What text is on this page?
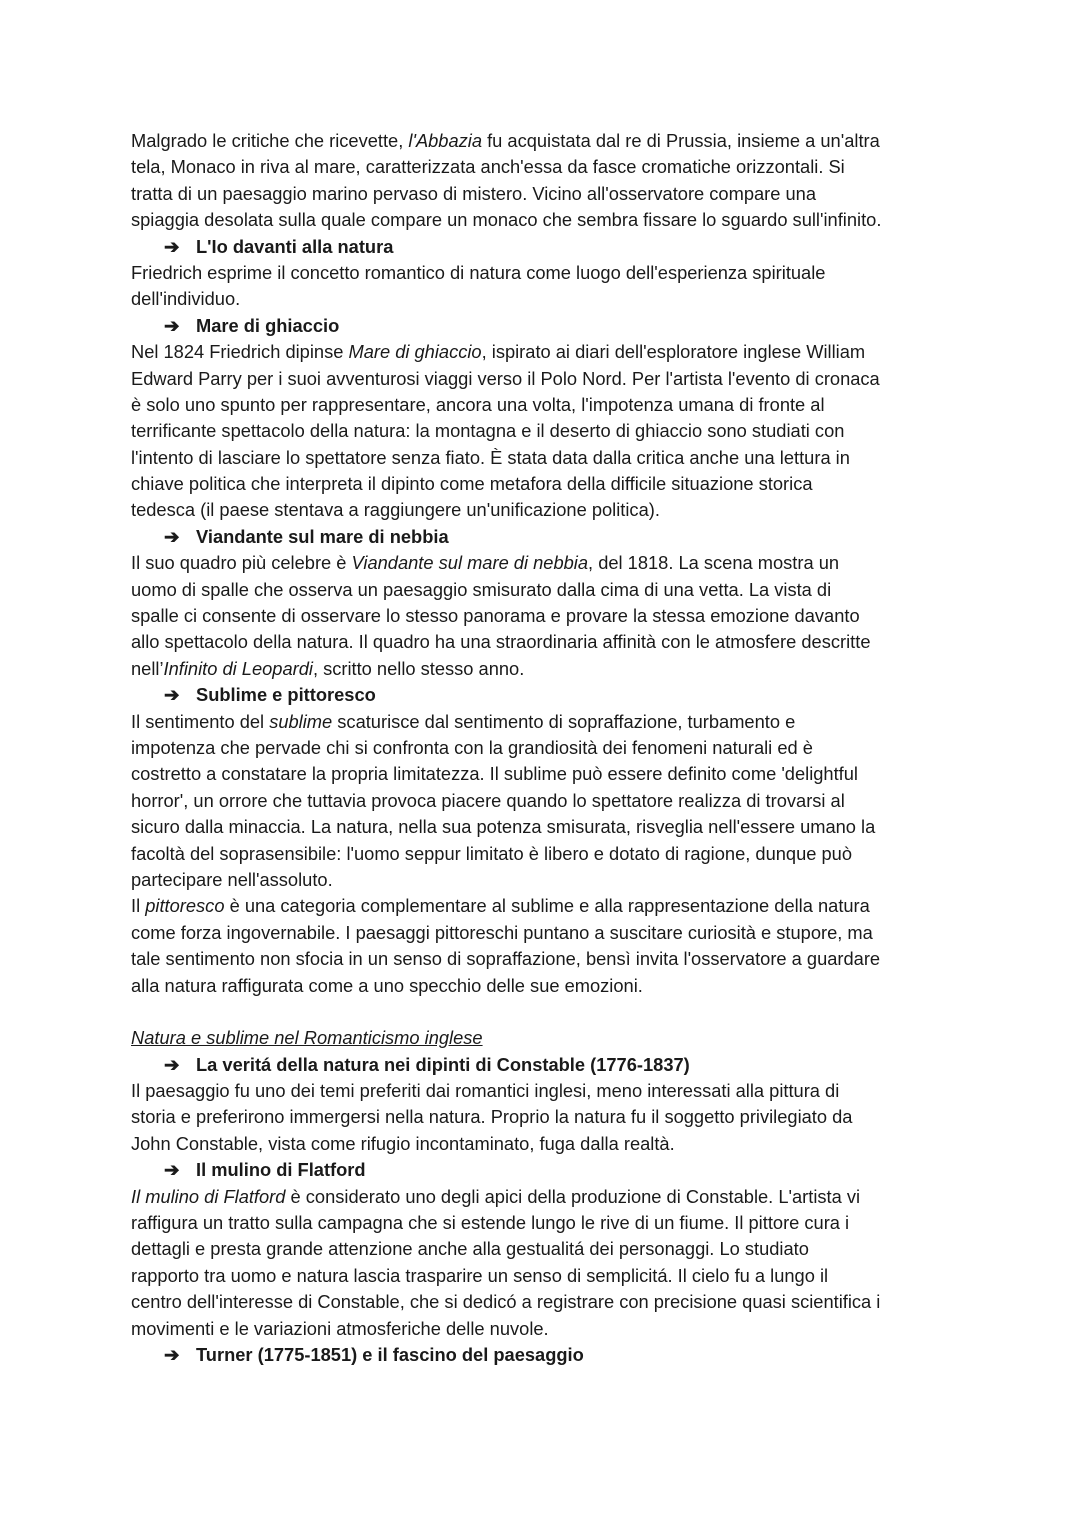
Malgrado le critiche che ricevette, l'Abbazia fu acquistata dal re di Prussia, insieme a un'altra
tela, Monaco in riva al mare, caratterizzata anch'essa da fasce cromatiche orizzontali. Si
tratta di un paesaggio marino pervaso di mistero. Vicino all'osservatore compare una
spiaggia desolata sulla quale compare un monaco che sembra fissare lo sguardo sull'infinito.
➔ L'Io davanti alla natura
Friedrich esprime il concetto romantico di natura come luogo dell'esperienza spirituale
dell'individuo.
➔ Mare di ghiaccio
Nel 1824 Friedrich dipinse Mare di ghiaccio, ispirato ai diari dell'esploratore inglese William
Edward Parry per i suoi avventurosi viaggi verso il Polo Nord. Per l'artista l'evento di cronaca
è solo uno spunto per rappresentare, ancora una volta, l'impotenza umana di fronte al
terrificante spettacolo della natura: la montagna e il deserto di ghiaccio sono studiati con
l'intento di lasciare lo spettatore senza fiato. È stata data dalla critica anche una lettura in
chiave politica che interpreta il dipinto come metafora della difficile situazione storica
tedesca (il paese stentava a raggiungere un'unificazione politica).
➔ Viandante sul mare di nebbia
Il suo quadro più celebre è Viandante sul mare di nebbia, del 1818. La scena mostra un
uomo di spalle che osserva un paesaggio smisurato dalla cima di una vetta. La vista di
spalle ci consente di osservare lo stesso panorama e provare la stessa emozione davanto
allo spettacolo della natura. Il quadro ha una straordinaria affinità con le atmosfere descritte
nell’Infinito di Leopardi, scritto nello stesso anno.
➔ Sublime e pittoresco
Il sentimento del sublime scaturisce dal sentimento di sopraffazione, turbamento e
impotenza che pervade chi si confronta con la grandiosità dei fenomeni naturali ed è
costretto a constatare la propria limitatezza. Il sublime può essere definito come 'delightful
horror', un orrore che tuttavia provoca piacere quando lo spettatore realizza di trovarsi al
sicuro dalla minaccia. La natura, nella sua potenza smisurata, risveglia nell'essere umano la
facoltà del soprasensibile: l'uomo seppur limitato è libero e dotato di ragione, dunque può
partecipare nell'assoluto.
Il pittoresco è una categoria complementare al sublime e alla rappresentazione della natura
come forza ingovernabile. I paesaggi pittoreschi puntano a suscitare curiosità e stupore, ma
tale sentimento non sfocia in un senso di sopraffazione, bensì invita l'osservatore a guardare
alla natura raffigurata come a uno specchio delle sue emozioni.
Natura e sublime nel Romanticismo inglese
➔ La veritá della natura nei dipinti di Constable (1776-1837)
Il paesaggio fu uno dei temi preferiti dai romantici inglesi, meno interessati alla pittura di
storia e preferirono immergersi nella natura. Proprio la natura fu il soggetto privilegiato da
John Constable, vista come rifugio incontaminato, fuga dalla realtà.
➔ Il mulino di Flatford
Il mulino di Flatford è considerato uno degli apici della produzione di Constable. L'artista vi
raffigura un tratto sulla campagna che si estende lungo le rive di un fiume. Il pittore cura i
dettagli e presta grande attenzione anche alla gestualitá dei personaggi. Lo studiato
rapporto tra uomo e natura lascia trasparire un senso di semplicitá. Il cielo fu a lungo il
centro dell'interesse di Constable, che si dedicó a registrare con precisione quasi scientifica i
movimenti e le variazioni atmosferiche delle nuvole.
➔ Turner (1775-1851) e il fascino del paesaggio
